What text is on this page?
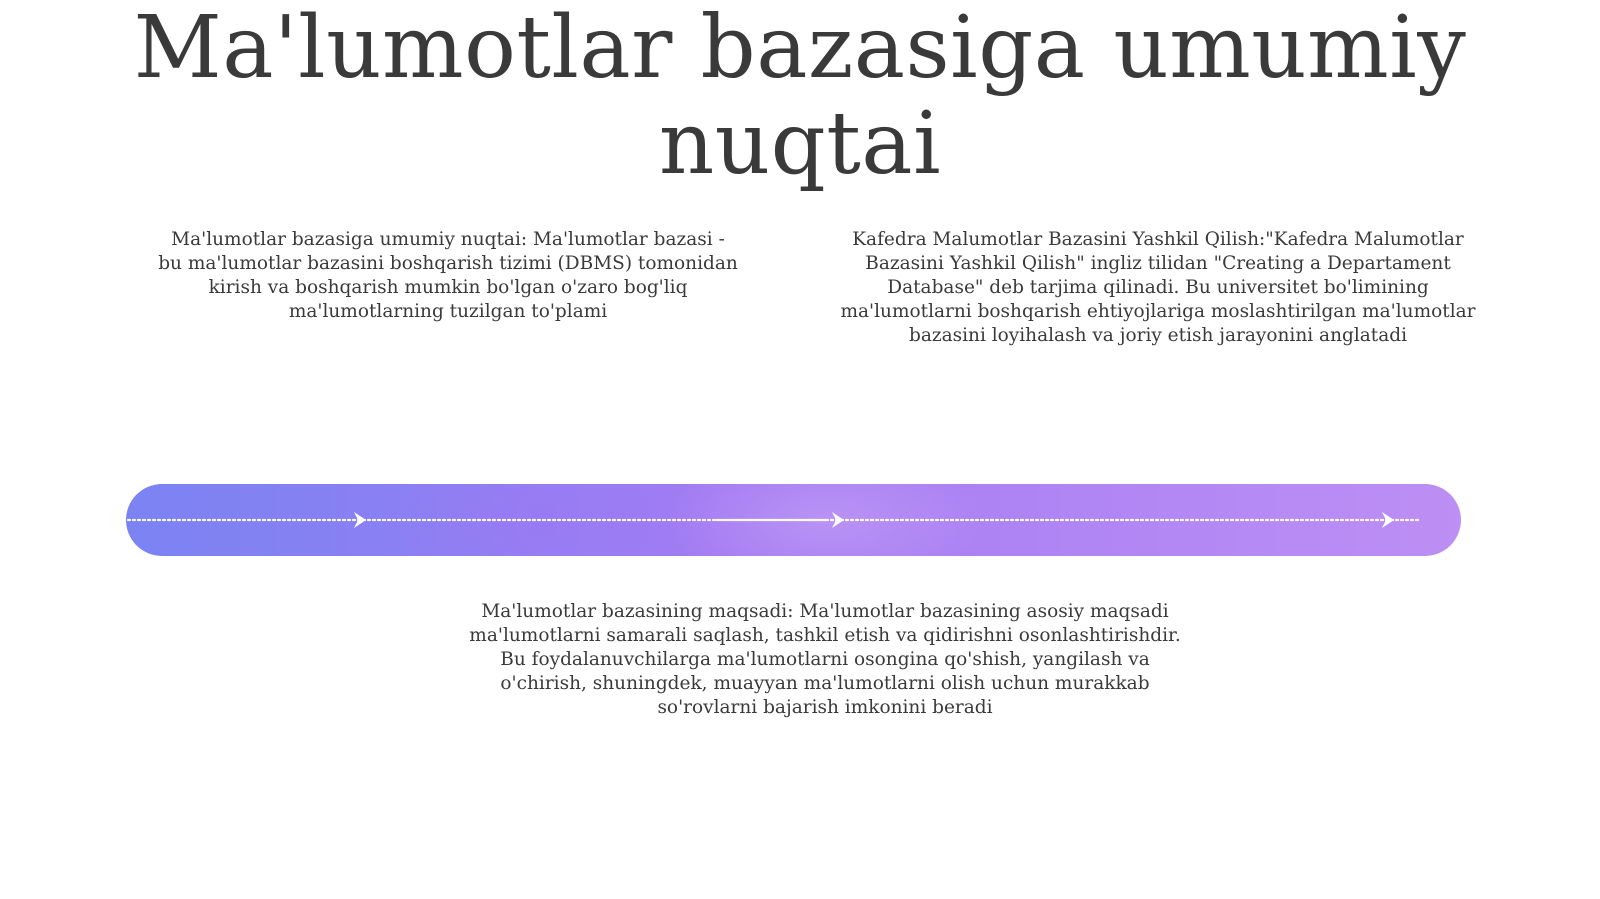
Ma'lumotlar bazasiga umumiy nuqtai

Ma'lumotlar bazasiga umumiy nuqtai: Ma'lumotlar bazasi - bu ma'lumotlar bazasini boshqarish tizimi (DBMS) tomonidan kirish va boshqarish mumkin bo'lgan o'zaro bog'liq ma'lumotlarning tuzilgan to'plami

Kafedra Malumotlar Bazasini Yashkil Qilish:"Kafedra Malumotlar Bazasini Yashkil Qilish" ingliz tilidan "Creating a Departament Database" deb tarjima qilinadi. Bu universitet bo'limining ma'lumotlarni boshqarish ehtiyojlariga moslashtirilgan ma'lumotlar bazasini loyihalash va joriy etish jarayonini anglatadi

Ma'lumotlar bazasining maqsadi: Ma'lumotlar bazasining asosiy maqsadi ma'lumotlarni samarali saqlash, tashkil etish va qidirishni osonlashtirishdir. Bu foydalanuvchilarga ma'lumotlarni osongina qo'shish, yangilash va o'chirish, shuningdek, muayyan ma'lumotlarni olish uchun murakkab so'rovlarni bajarish imkonini beradi
